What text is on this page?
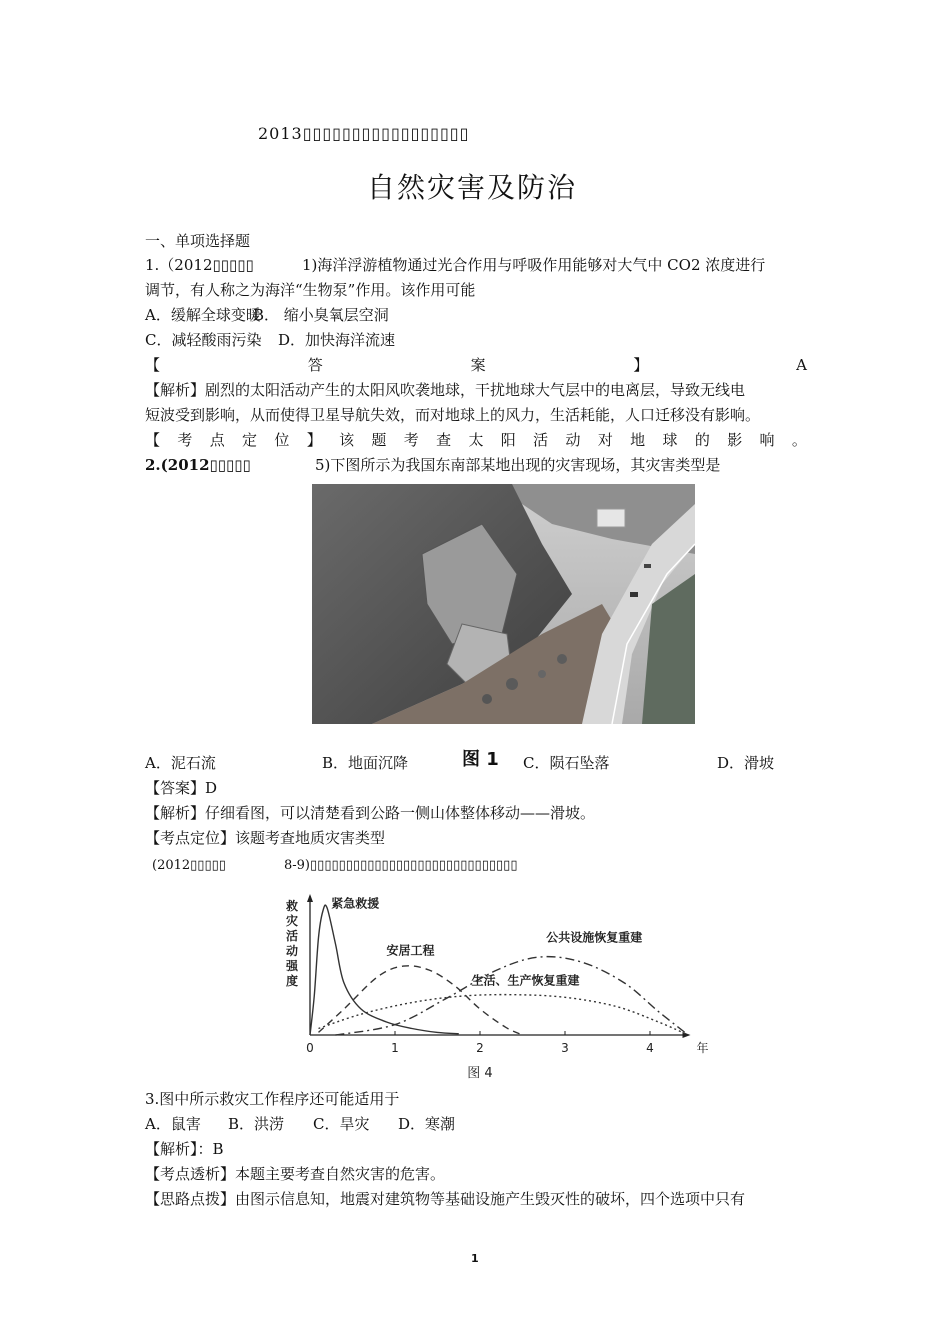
2013▯▯▯▯▯▯▯▯▯▯▯▯▯▯▯▯▯
自然灾害及防治
一、单项选择题
1.（2012▯▯▯▯▯	1)海洋浮游植物通过光合作用与呼吸作用能够对大气中 CO2 浓度进行
调节，有人称之为海洋“生物泵”作用。该作用可能
A．缓解全球变暖
B． 缩小臭氧层空洞
C．减轻酸雨污染 D．加快海洋流速
【	答	案	】	A
【解析】剧烈的太阳活动产生的太阳风吹袭地球，干扰地球大气层中的电离层，导致无线电
短波受到影响，从而使得卫星导航失效，而对地球上的风力，生活耗能，人口迁移没有影响。
【 考 点 定 位 】 该 题 考 查 太 阳 活 动 对 地 球 的 影 响 。
2.(2012▯▯▯▯▯	5)下图所示为我国东南部某地出现的灾害现场，其灾害类型是
A．泥石流	B．地面沉降	图 1 C．陨石坠落	D．滑坡
【答案】D
【解析】仔细看图，可以清楚看到公路一侧山体整体移动——滑坡。
【考点定位】该题考查地质灾害类型
(2012▯▯▯▯▯	8-9)▯▯▯▯▯▯▯▯▯▯▯▯▯▯▯▯▯▯▯▯▯▯▯▯▯▯▯▯▯
0	1	2	3	4	年
救
灾
活
动
强
度
紧急救援
安居工程
公共设施恢复重建
生活、生产恢复重建
图 4
3.图中所示救灾工作程序还可能适用于
A．鼠害 B．洪涝 C．旱灾 D．寒潮
【解析】：B
【考点透析】本题主要考查自然灾害的危害。
【思路点拨】由图示信息知，地震对建筑物等基础设施产生毁灭性的破坏，四个选项中只有
1
